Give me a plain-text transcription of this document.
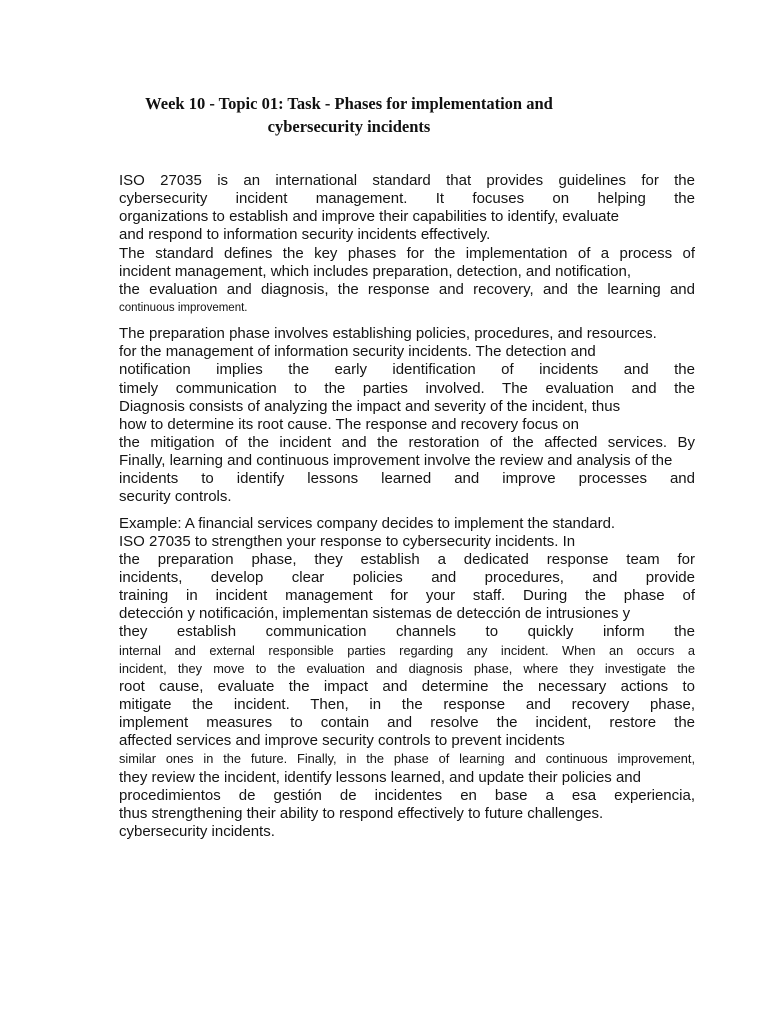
Week 10 - Topic 01: Task - Phases for implementation and
cybersecurity incidents
ISO 27035 is an international standard that provides guidelines for the
cybersecurity incident management. It focuses on helping the
organizations to establish and improve their capabilities to identify, evaluate
and respond to information security incidents effectively.
The standard defines the key phases for the implementation of a process of
incident management, which includes preparation, detection, and notification,
the evaluation and diagnosis, the response and recovery, and the learning and
continuous improvement.
The preparation phase involves establishing policies, procedures, and resources.
for the management of information security incidents. The detection and
notification implies the early identification of incidents and the
timely communication to the parties involved. The evaluation and the
Diagnosis consists of analyzing the impact and severity of the incident, thus
how to determine its root cause. The response and recovery focus on
the mitigation of the incident and the restoration of the affected services. By
Finally, learning and continuous improvement involve the review and analysis of the
incidents to identify lessons learned and improve processes and
security controls.
Example: A financial services company decides to implement the standard.
ISO 27035 to strengthen your response to cybersecurity incidents. In
the preparation phase, they establish a dedicated response team for
incidents, develop clear policies and procedures, and provide
training in incident management for your staff. During the phase of
detección y notificación, implementan sistemas de detección de intrusiones y
they establish communication channels to quickly inform the
internal and external responsible parties regarding any incident. When an occurs a
incident, they move to the evaluation and diagnosis phase, where they investigate the
root cause, evaluate the impact and determine the necessary actions to
mitigate the incident. Then, in the response and recovery phase,
implement measures to contain and resolve the incident, restore the
affected services and improve security controls to prevent incidents
similar ones in the future. Finally, in the phase of learning and continuous improvement,
they review the incident, identify lessons learned, and update their policies and
procedimientos de gestión de incidentes en base a esa experiencia,
thus strengthening their ability to respond effectively to future challenges.
cybersecurity incidents.
